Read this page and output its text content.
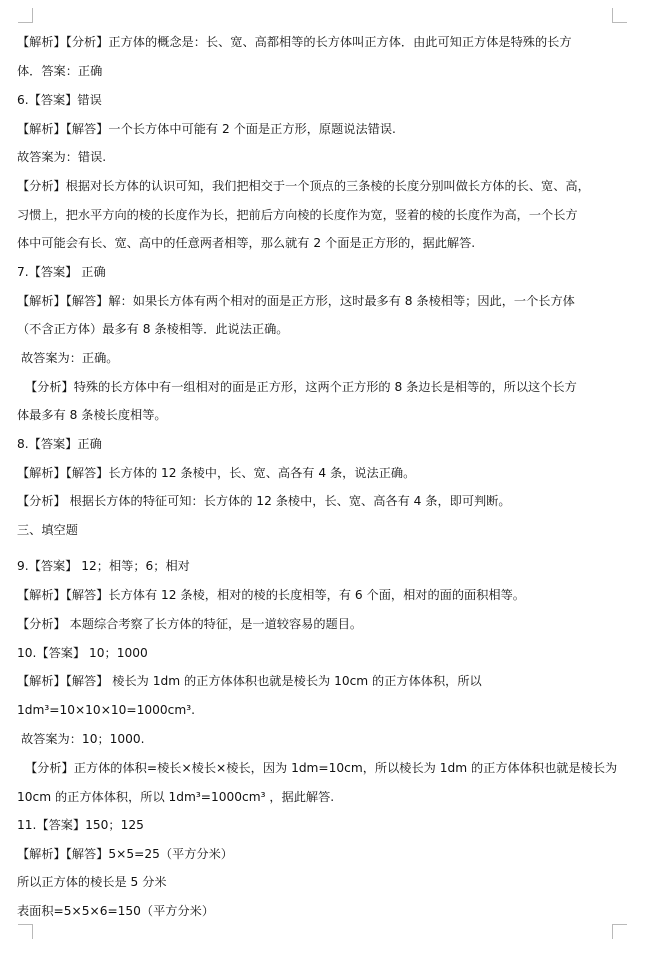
【解析】【分析】正方体的概念是：长、宽、高都相等的长方体叫正方体．由此可知正方体是特殊的长方
体．答案：正确
6.【答案】错误
【解析】【解答】一个长方体中可能有 2 个面是正方形，原题说法错误.
故答案为：错误.
【分析】根据对长方体的认识可知，我们把相交于一个顶点的三条棱的长度分别叫做长方体的长、宽、高，
习惯上，把水平方向的棱的长度作为长，把前后方向棱的长度作为宽，竖着的棱的长度作为高，一个长方
体中可能会有长、宽、高中的任意两者相等，那么就有 2 个面是正方形的，据此解答.
7.【答案】 正确
【解析】【解答】解：如果长方体有两个相对的面是正方形，这时最多有 8 条棱相等；因此，一个长方体
（不含正方体）最多有 8 条棱相等．此说法正确。
故答案为：正确。
【分析】特殊的长方体中有一组相对的面是正方形，这两个正方形的 8 条边长是相等的，所以这个长方
体最多有 8 条棱长度相等。
8.【答案】正确
【解析】【解答】长方体的 12 条棱中，长、宽、高各有 4 条，说法正确。
【分析】 根据长方体的特征可知：长方体的 12 条棱中，长、宽、高各有 4 条，即可判断。
三、填空题
9.【答案】 12；相等；6；相对
【解析】【解答】长方体有 12 条棱，相对的棱的长度相等，有 6 个面，相对的面的面积相等。
【分析】 本题综合考察了长方体的特征，是一道较容易的题目。
10.【答案】 10；1000
【解析】【解答】 棱长为 1dm 的正方体体积也就是棱长为 10cm 的正方体体积，所以
1dm³=10×10×10=1000cm³.
故答案为：10；1000.
【分析】正方体的体积=棱长×棱长×棱长，因为 1dm=10cm，所以棱长为 1dm 的正方体体积也就是棱长为
10cm 的正方体体积，所以 1dm³=1000cm³ ，据此解答.
11.【答案】150；125
【解析】【解答】5×5=25（平方分米）
所以正方体的棱长是 5 分米
表面积=5×5×6=150（平方分米）
